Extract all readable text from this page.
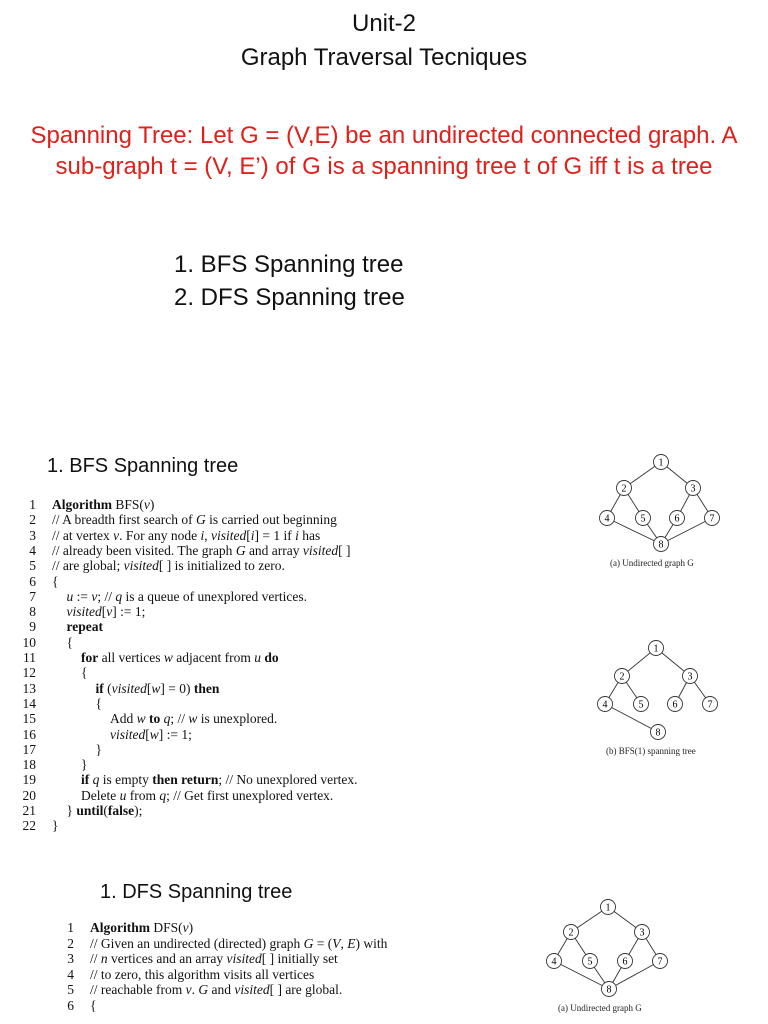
Unit-2
Graph Traversal Tecniques
Spanning Tree: Let G = (V,E) be an undirected connected graph. A sub-graph t = (V, E’) of G is a spanning tree t of G iff t is a tree
1. BFS Spanning tree
2. DFS Spanning tree
1. BFS Spanning tree
1 Algorithm BFS(v)
2 // A breadth first search of G is carried out beginning
3 // at vertex v. For any node i, visited[i] = 1 if i has
4 // already been visited. The graph G and array visited[ ]
5 // are global; visited[ ] is initialized to zero.
6 {
7 u := v; // q is a queue of unexplored vertices.
8 visited[v] := 1;
9 repeat
10 {
11	for all vertices w adjacent from u do
12	{
13	if (visited[w] = 0) then
14	{
15	Add w to q; // w is unexplored.
16	visited[w] := 1;
17	}
18	}
19	if q is empty then return; // No unexplored vertex.
20	Delete u from q; // Get first unexplored vertex.
21 } until(false);
22 }
1
2	3
4	5	6	7
8
(a) Undirected graph G
1
2	3
4	5	6	7
8
(b) BFS(1) spanning tree
1. DFS Spanning tree
1 Algorithm DFS(v)
2 // Given an undirected (directed) graph G = (V, E) with
3 // n vertices and an array visited[ ] initially set
4 // to zero, this algorithm visits all vertices
5 // reachable from v. G and visited[ ] are global.
6 {
1
2	3
4	5	6	7
8
(a) Undirected graph G
